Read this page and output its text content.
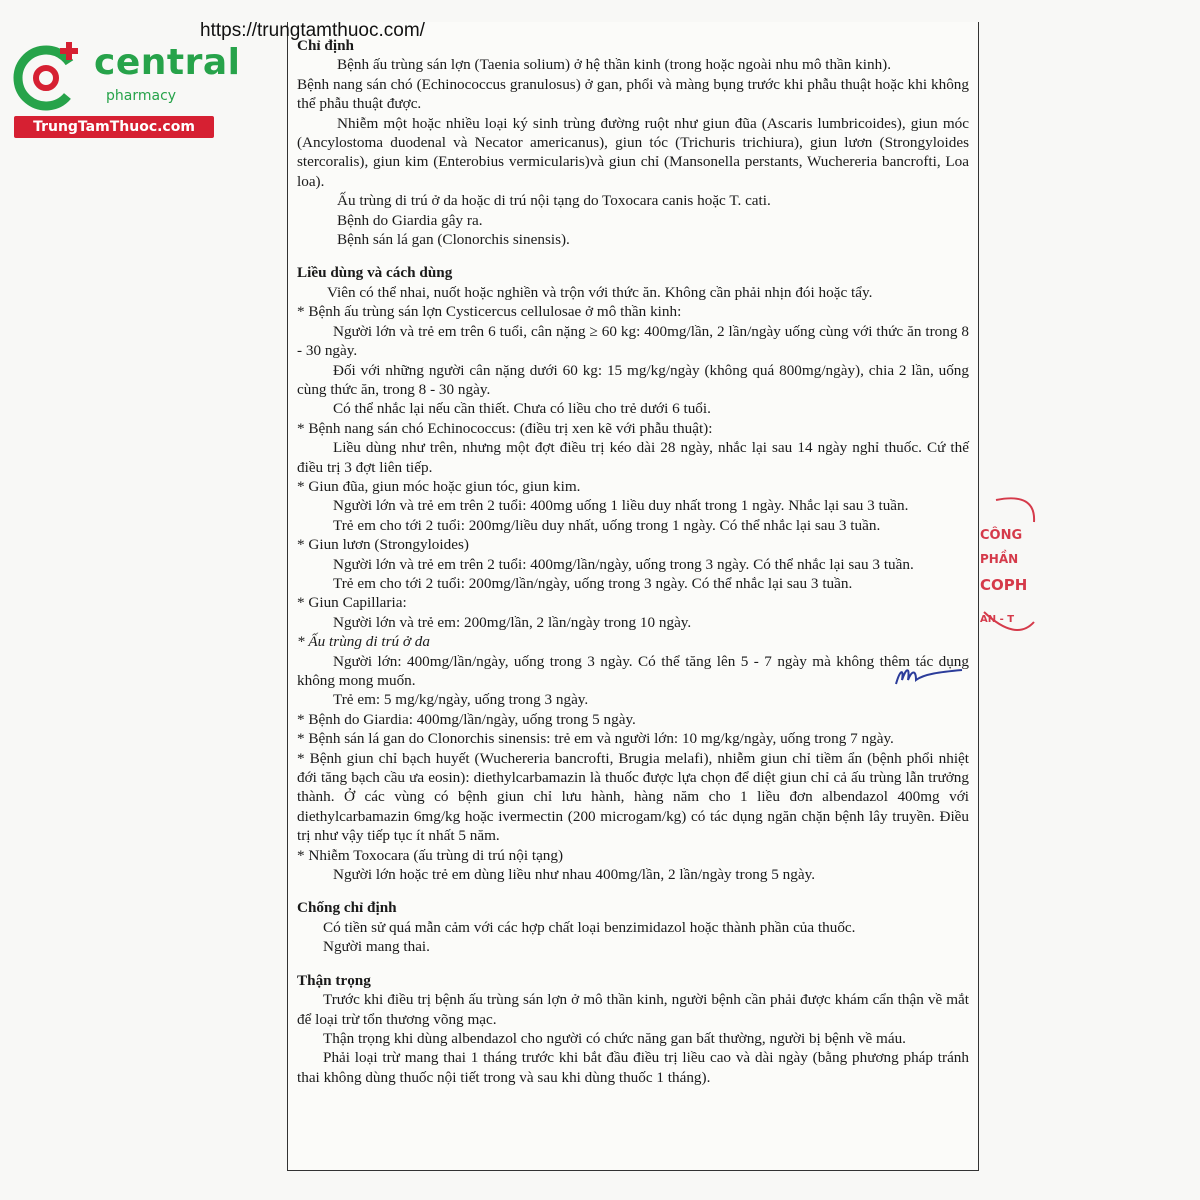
central
pharmacy
TrungTamThuoc.com
https://trungtamthuoc.com/

Chỉ định

Bệnh ấu trùng sán lợn (Taenia solium) ở hệ thần kinh (trong hoặc ngoài nhu mô thần kinh).

Bệnh nang sán chó (Echinococcus granulosus) ở gan, phổi và màng bụng trước khi phẫu thuật hoặc khi không thể phẫu thuật được.

Nhiễm một hoặc nhiều loại ký sinh trùng đường ruột như giun đũa (Ascaris lumbricoides), giun móc (Ancylostoma duodenal và Necator americanus), giun tóc (Trichuris trichiura), giun lươn (Strongyloides stercoralis), giun kim (Enterobius vermicularis)và giun chỉ (Mansonella perstants, Wuchereria bancrofti, Loa loa).

Ấu trùng di trú ở da hoặc di trú nội tạng do Toxocara canis hoặc T. cati.

Bệnh do Giardia gây ra.

Bệnh sán lá gan (Clonorchis sinensis).

Liều dùng và cách dùng

Viên có thể nhai, nuốt hoặc nghiền và trộn với thức ăn. Không cần phải nhịn đói hoặc tẩy.

* Bệnh ấu trùng sán lợn Cysticercus cellulosae ở mô thần kinh:

Người lớn và trẻ em trên 6 tuổi, cân nặng ≥ 60 kg: 400mg/lần, 2 lần/ngày uống cùng với thức ăn trong 8 - 30 ngày.

Đối với những người cân nặng dưới 60 kg: 15 mg/kg/ngày (không quá 800mg/ngày), chia 2 lần, uống cùng thức ăn, trong 8 - 30 ngày.

Có thể nhắc lại nếu cần thiết. Chưa có liều cho trẻ dưới 6 tuổi.

* Bệnh nang sán chó Echinococcus: (điều trị xen kẽ với phẫu thuật):

Liều dùng như trên, nhưng một đợt điều trị kéo dài 28 ngày, nhắc lại sau 14 ngày nghỉ thuốc. Cứ thế điều trị 3 đợt liên tiếp.

* Giun đũa, giun móc hoặc giun tóc, giun kim.

Người lớn và trẻ em trên 2 tuổi: 400mg uống 1 liều duy nhất trong 1 ngày. Nhắc lại sau 3 tuần.

Trẻ em cho tới 2 tuổi: 200mg/liều duy nhất, uống trong 1 ngày. Có thể nhắc lại sau 3 tuần.

* Giun lươn (Strongyloides)

Người lớn và trẻ em trên 2 tuổi: 400mg/lần/ngày, uống trong 3 ngày. Có thể nhắc lại sau 3 tuần.

Trẻ em cho tới 2 tuổi: 200mg/lần/ngày, uống trong 3 ngày. Có thể nhắc lại sau 3 tuần.

* Giun Capillaria:

Người lớn và trẻ em: 200mg/lần, 2 lần/ngày trong 10 ngày.

* Ấu trùng di trú ở da

Người lớn: 400mg/lần/ngày, uống trong 3 ngày. Có thể tăng lên 5 - 7 ngày mà không thêm tác dụng không mong muốn.

Trẻ em: 5 mg/kg/ngày, uống trong 3 ngày.

* Bệnh do Giardia: 400mg/lần/ngày, uống trong 5 ngày.

* Bệnh sán lá gan do Clonorchis sinensis: trẻ em và người lớn: 10 mg/kg/ngày, uống trong 7 ngày.

* Bệnh giun chỉ bạch huyết (Wuchereria bancrofti, Brugia melafi), nhiễm giun chỉ tiềm ẩn (bệnh phổi nhiệt đới tăng bạch cầu ưa eosin): diethylcarbamazin là thuốc được lựa chọn để diệt giun chỉ cả ấu trùng lẫn trưởng thành. Ở các vùng có bệnh giun chỉ lưu hành, hàng năm cho 1 liều đơn albendazol 400mg với diethylcarbamazin 6mg/kg hoặc ivermectin (200 microgam/kg) có tác dụng ngăn chặn bệnh lây truyền. Điều trị như vậy tiếp tục ít nhất 5 năm.

* Nhiễm Toxocara (ấu trùng di trú nội tạng)

Người lớn hoặc trẻ em dùng liều như nhau 400mg/lần, 2 lần/ngày trong 5 ngày.

Chống chỉ định

Có tiền sử quá mẫn cảm với các hợp chất loại benzimidazol hoặc thành phần của thuốc.

Người mang thai.

Thận trọng

Trước khi điều trị bệnh ấu trùng sán lợn ở mô thần kinh, người bệnh cần phải được khám cẩn thận về mắt để loại trừ tổn thương võng mạc.

Thận trọng khi dùng albendazol cho người có chức năng gan bất thường, người bị bệnh về máu.

Phải loại trừ mang thai 1 tháng trước khi bắt đầu điều trị liều cao và dài ngày (bằng phương pháp tránh thai không dùng thuốc nội tiết trong và sau khi dùng thuốc 1 tháng).

CÔNG
PHẦN
COPH
AN - T
